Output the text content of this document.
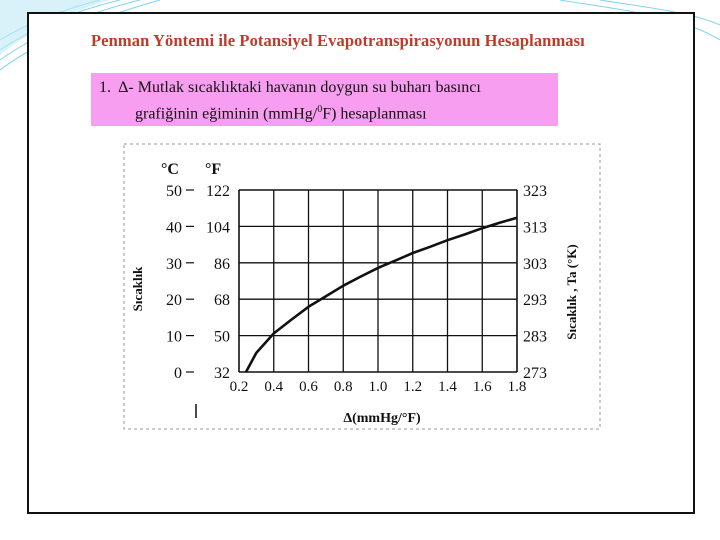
Penman Yöntemi ile Potansiyel Evapotranspirasyonun Hesaplanması
1. Δ- Mutlak sıcaklıktaki havanın doygun su buharı basıncı
grafiğinin eğiminin (mmHg/$^0$F) hesaplanması
0.2 0.4 0.6 0.8 1.0 1.2 1.4 1.6 1.8
0 32	273
10 50	283
20 68	293
30 86	303
40 104	313
50 122	323
°C °F
Sıcaklık	Sıcaklık , Ta (°K)
Δ(mmHg/°F)
